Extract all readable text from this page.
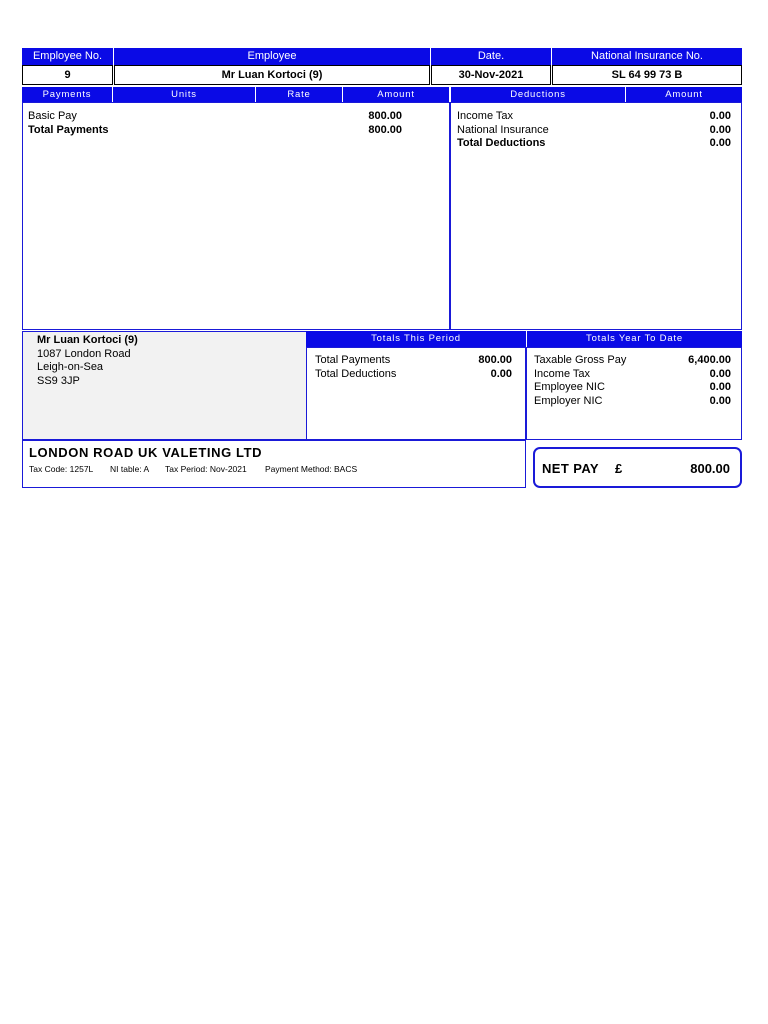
Employee No.	Employee	Date.	National Insurance No.
9	Mr Luan Kortoci (9)	30-Nov-2021	SL 64 99 73 B
Payments	Units	Rate	Amount	Deductions	Amount
Basic Pay	800.00
Total Payments	800.00
Income Tax	0.00
National Insurance	0.00
Total Deductions	0.00
Mr Luan Kortoci (9)
1087 London Road
Leigh-on-Sea
SS9 3JP
Totals This Period
Total Payments	800.00
Total Deductions	0.00
Totals Year To Date
Taxable Gross Pay	6,400.00
Income Tax	0.00
Employee NIC	0.00
Employer NIC	0.00
LONDON ROAD UK VALETING LTD
Tax Code: 1257L NI table: A Tax Period: Nov-2021 Payment Method: BACS	NET PAY £	800.00
